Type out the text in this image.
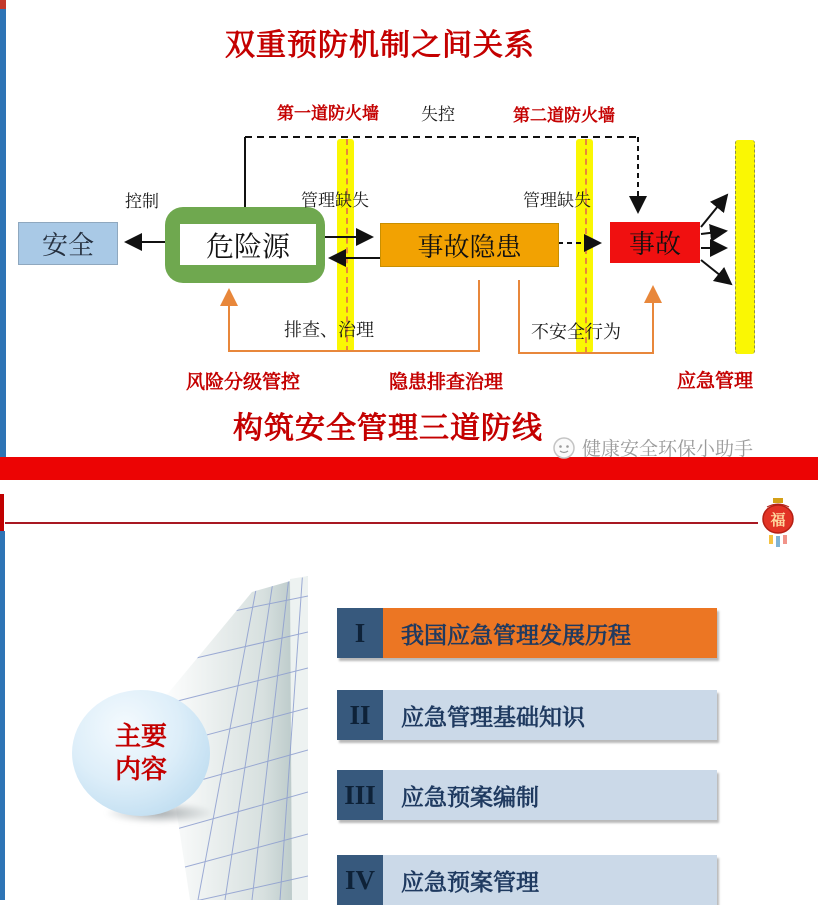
双重预防机制之间关系
第一道防火墙 失控	第二道防火墙
控制	管理缺失	管理缺失
安全	危险源	事故隐患	事故
排查、治理	不安全行为
风险分级管控	隐患排查治理	应急管理
构筑安全管理三道防线
健康安全环保小助手
福
主要
内容
I	我国应急管理发展历程
II	应急管理基础知识
III	应急预案编制
IV	应急预案管理
